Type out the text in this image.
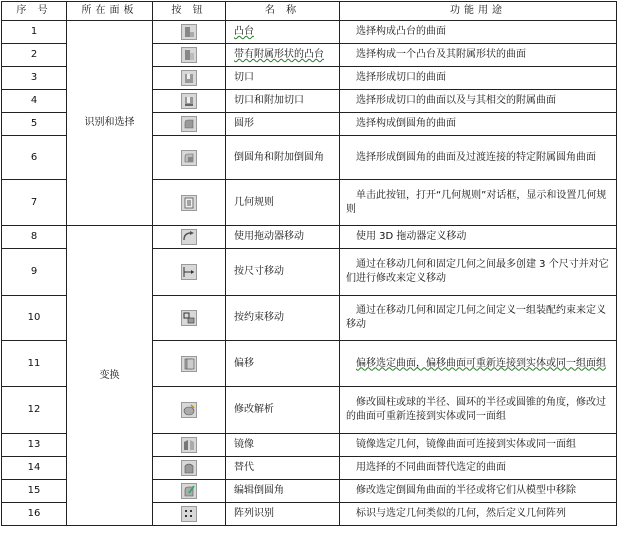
序 号	所在面板	按 钮	名 称	功能用途
1	识别和选择		凸台	选择构成凸台的曲面
2			带有附属形状的凸台	选择构成一个凸台及其附属形状的曲面
3			切口	选择形成切口的曲面
4			切口和附加切口	选择形成切口的曲面以及与其相交的附属曲面
5			圆形	选择构成倒圆角的曲面
6			倒圆角和附加倒圆角	选择形成倒圆角的曲面及过渡连接的特定附属圆角曲面
7			几何规则	单击此按钮，打开“几何规则”对话框，显示和设置几何规则
8	变换		使用拖动器移动	使用 3D 拖动器定义移动
9			按尺寸移动	通过在移动几何和固定几何之间最多创建 3 个尺寸并对它们进行修改来定义移动
10			按约束移动	通过在移动几何和固定几何之间定义一组装配约束来定义移动
11			偏移	偏移选定曲面，偏移曲面可重新连接到实体或同一组面组
12			修改解析	修改圆柱或球的半径、圆环的半径或圆锥的角度，修改过的曲面可重新连接到实体或同一面组
13			镜像	镜像选定几何，镜像曲面可连接到实体或同一面组
14			替代	用选择的不同曲面替代选定的曲面
15			编辑倒圆角	修改选定倒圆角曲面的半径或将它们从模型中移除
16			阵列识别	标识与选定几何类似的几何，然后定义几何阵列
